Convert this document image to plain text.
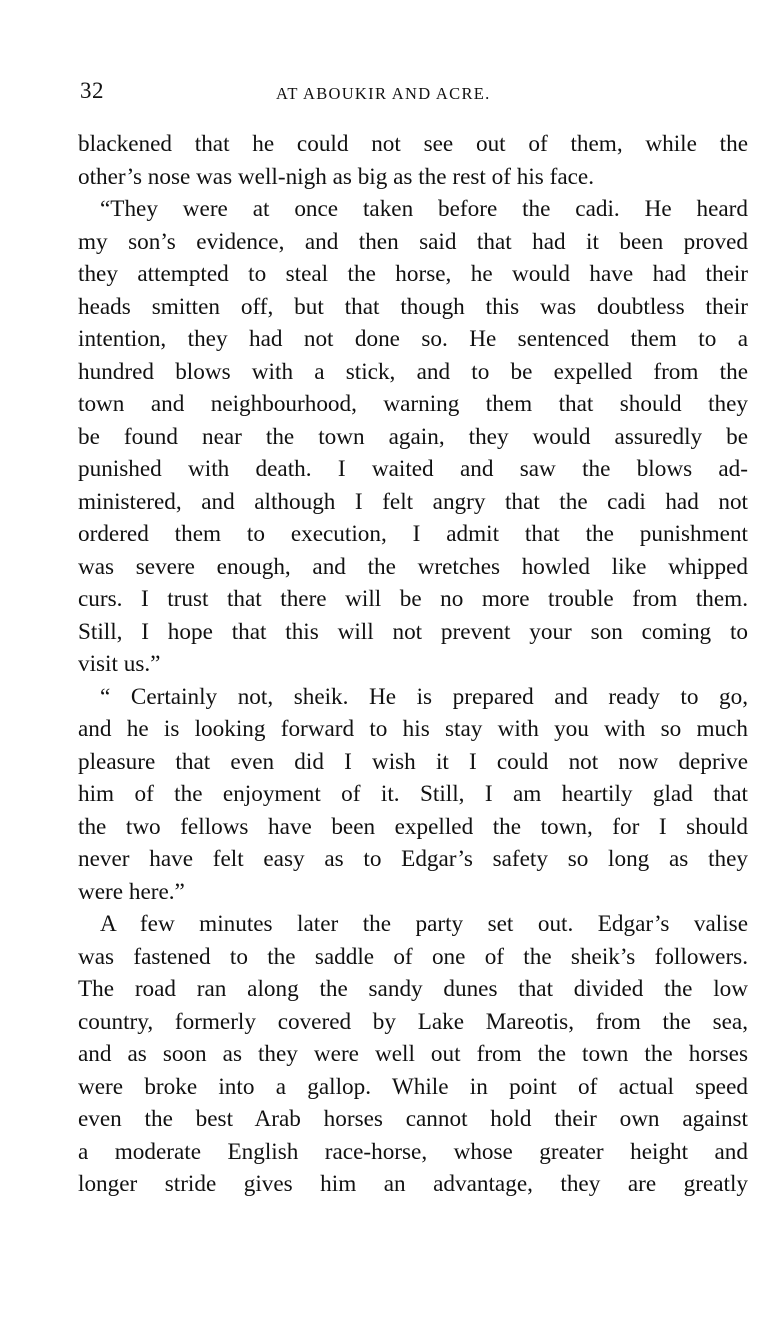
32	AT ABOUKIR AND ACRE.
blackened that he could not see out of them, while the
other’s nose was well-nigh as big as the rest of his face.
“They were at once taken before the cadi. He heard
my son’s evidence, and then said that had it been proved
they attempted to steal the horse, he would have had their
heads smitten off, but that though this was doubtless their
intention, they had not done so. He sentenced them to a
hundred blows with a stick, and to be expelled from the
town and neighbourhood, warning them that should they
be found near the town again, they would assuredly be
punished with death. I waited and saw the blows ad-
ministered, and although I felt angry that the cadi had not
ordered them to execution, I admit that the punishment
was severe enough, and the wretches howled like whipped
curs. I trust that there will be no more trouble from them.
Still, I hope that this will not prevent your son coming to
visit us.”
“ Certainly not, sheik. He is prepared and ready to go,
and he is looking forward to his stay with you with so much
pleasure that even did I wish it I could not now deprive
him of the enjoyment of it. Still, I am heartily glad that
the two fellows have been expelled the town, for I should
never have felt easy as to Edgar’s safety so long as they
were here.”
A few minutes later the party set out. Edgar’s valise
was fastened to the saddle of one of the sheik’s followers.
The road ran along the sandy dunes that divided the low
country, formerly covered by Lake Mareotis, from the sea,
and as soon as they were well out from the town the horses
were broke into a gallop. While in point of actual speed
even the best Arab horses cannot hold their own against
a moderate English race-horse, whose greater height and
longer stride gives him an advantage, they are greatly
